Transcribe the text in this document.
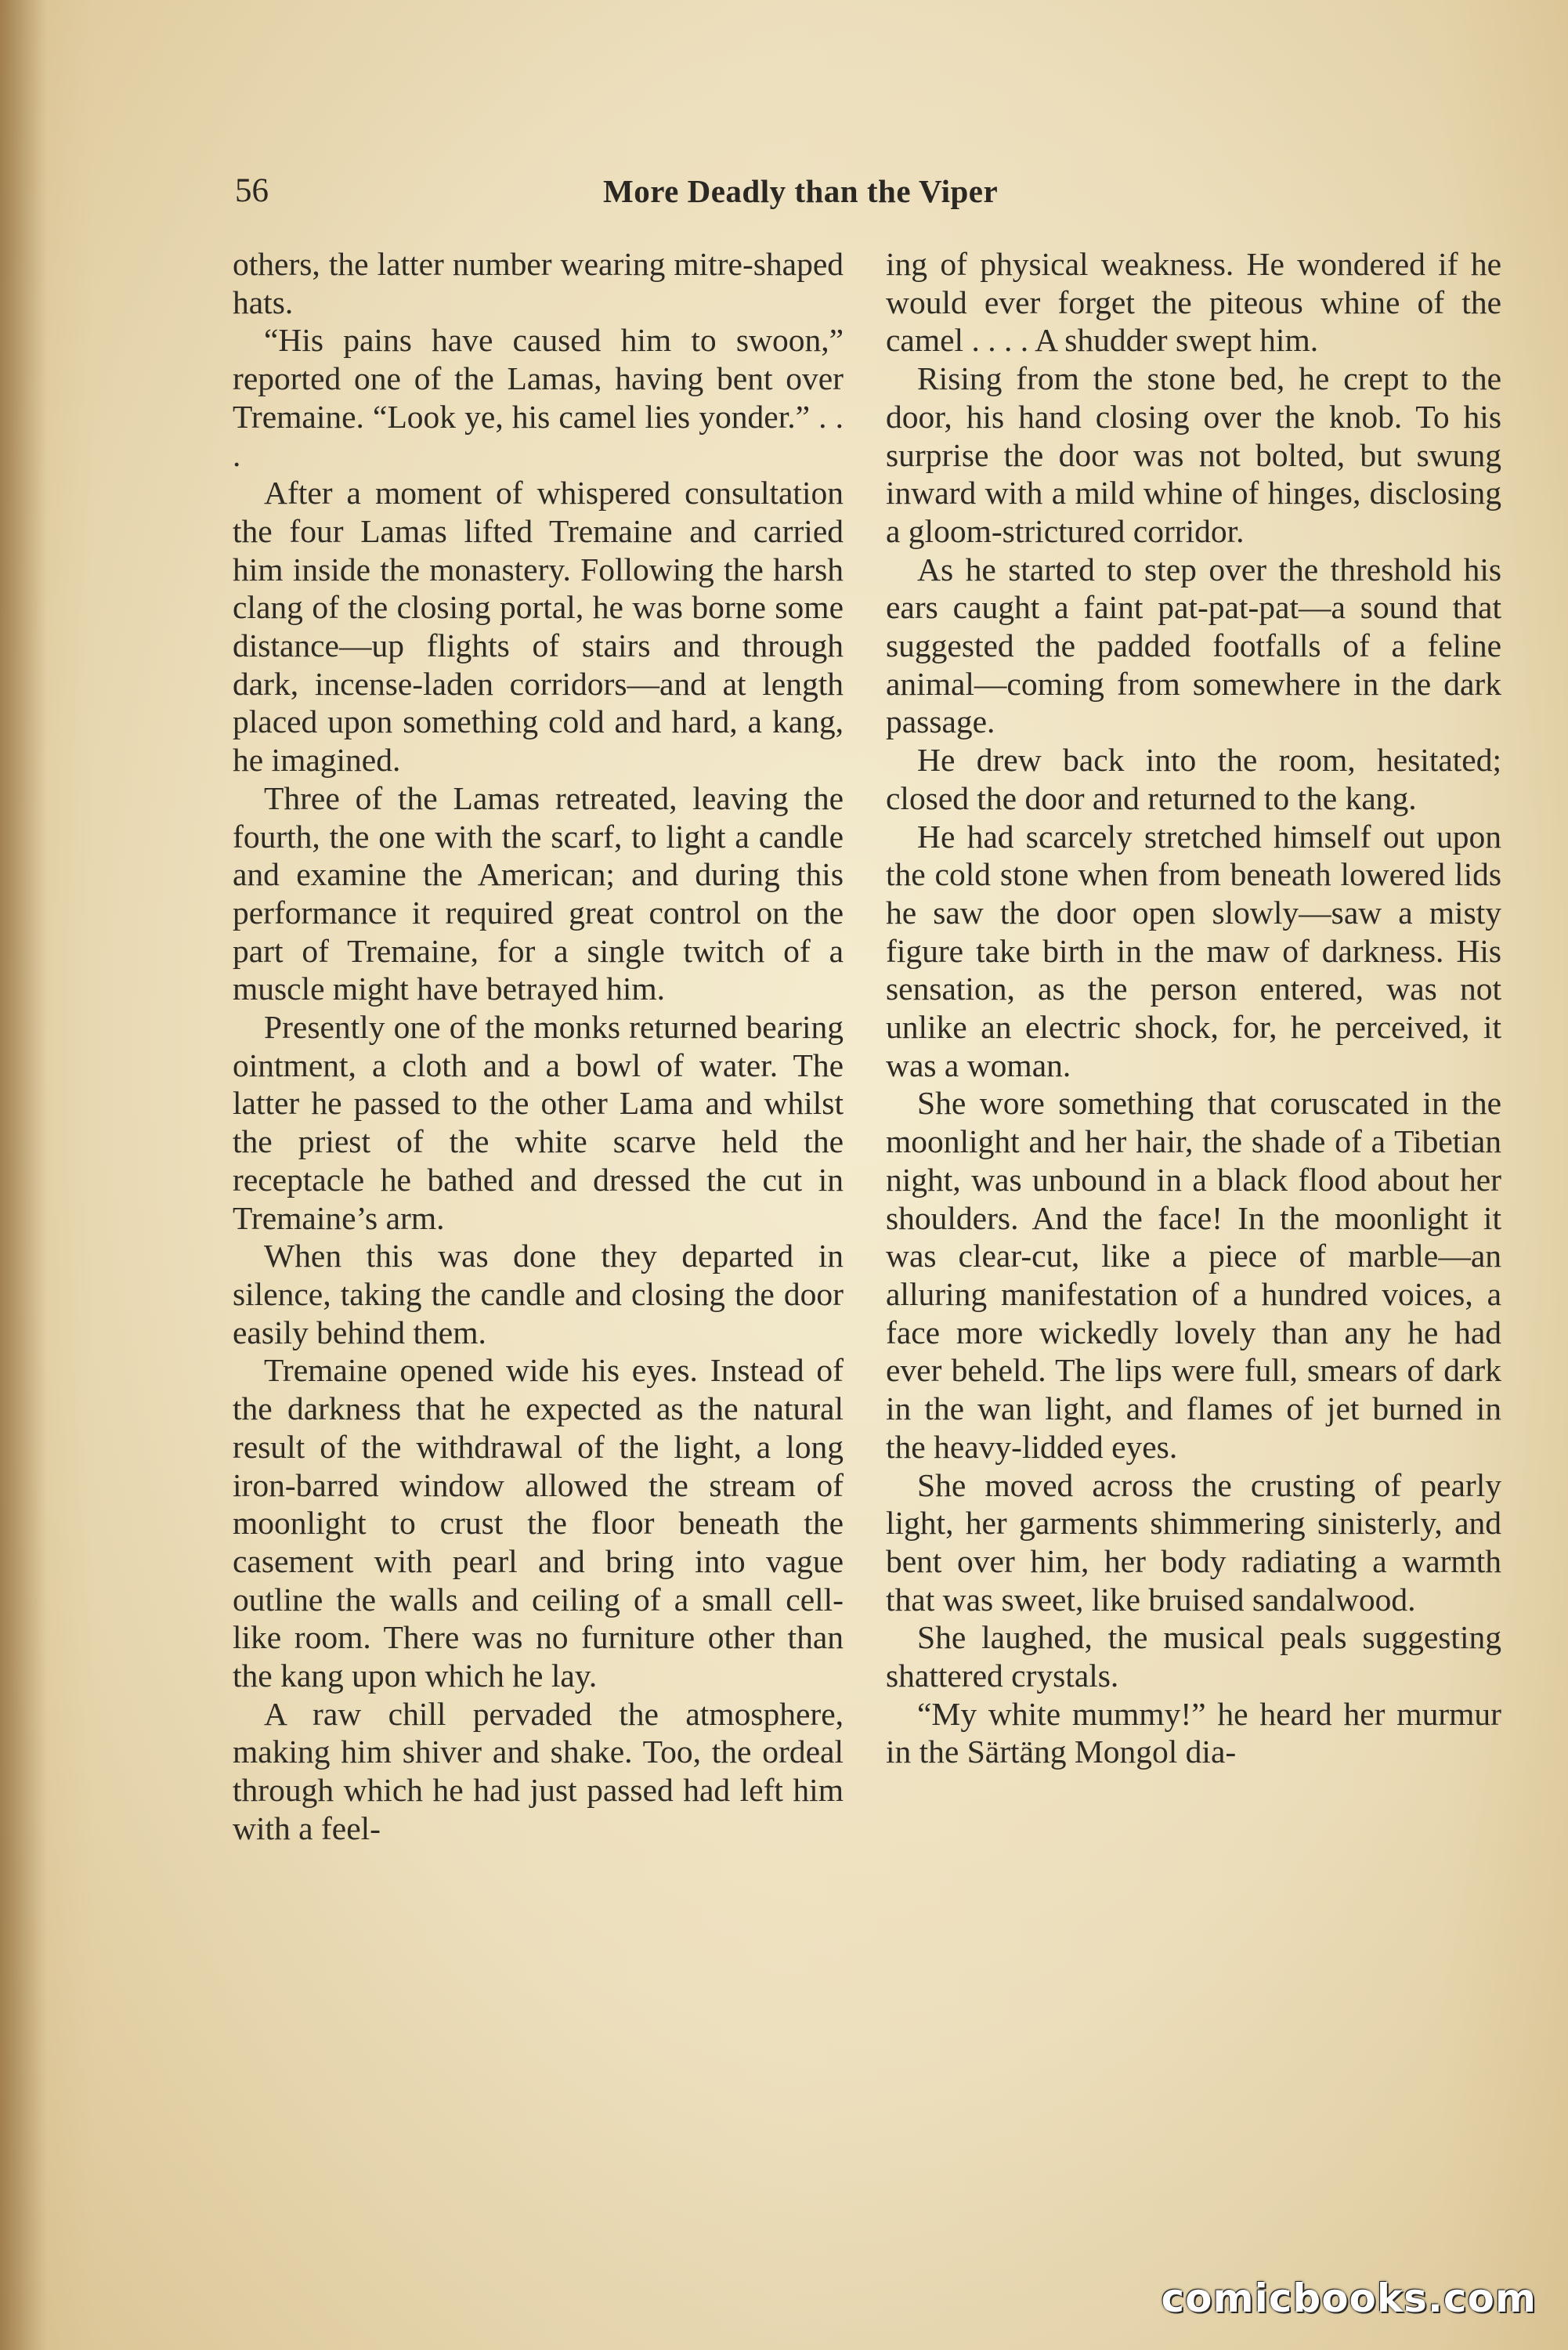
56	More Deadly than the Viper

others, the latter number wearing mitre-shaped hats.

“His pains have caused him to swoon,” reported one of the Lamas, having bent over Tremaine. “Look ye, his camel lies yonder.” . . .

After a moment of whispered consultation the four Lamas lifted Tremaine and carried him inside the monastery. Following the harsh clang of the closing portal, he was borne some distance—up flights of stairs and through dark, incense-laden corridors—and at length placed upon something cold and hard, a kang, he imagined.

Three of the Lamas retreated, leaving the fourth, the one with the scarf, to light a candle and examine the American; and during this performance it required great control on the part of Tremaine, for a single twitch of a muscle might have betrayed him.

Presently one of the monks returned bearing ointment, a cloth and a bowl of water. The latter he passed to the other Lama and whilst the priest of the white scarve held the receptacle he bathed and dressed the cut in Tremaine’s arm.

When this was done they departed in silence, taking the candle and closing the door easily behind them.

Tremaine opened wide his eyes. Instead of the darkness that he expected as the natural result of the withdrawal of the light, a long iron-barred window allowed the stream of moonlight to crust the floor beneath the casement with pearl and bring into vague outline the walls and ceiling of a small cell-like room. There was no furniture other than the kang upon which he lay.

A raw chill pervaded the atmosphere, making him shiver and shake. Too, the ordeal through which he had just passed had left him with a feel-

ing of physical weakness. He wondered if he would ever forget the piteous whine of the camel . . . . A shudder swept him.

Rising from the stone bed, he crept to the door, his hand closing over the knob. To his surprise the door was not bolted, but swung inward with a mild whine of hinges, disclosing a gloom-strictured corridor.

As he started to step over the threshold his ears caught a faint pat-pat-pat—a sound that suggested the padded footfalls of a feline animal—coming from somewhere in the dark passage.

He drew back into the room, hesitated; closed the door and returned to the kang.

He had scarcely stretched himself out upon the cold stone when from beneath lowered lids he saw the door open slowly—saw a misty figure take birth in the maw of darkness. His sensation, as the person entered, was not unlike an electric shock, for, he perceived, it was a woman.

She wore something that coruscated in the moonlight and her hair, the shade of a Tibetian night, was unbound in a black flood about her shoulders. And the face! In the moonlight it was clear-cut, like a piece of marble—an alluring manifestation of a hundred voices, a face more wickedly lovely than any he had ever beheld. The lips were full, smears of dark in the wan light, and flames of jet burned in the heavy-lidded eyes.

She moved across the crusting of pearly light, her garments shimmering sinisterly, and bent over him, her body radiating a warmth that was sweet, like bruised sandalwood.

She laughed, the musical peals suggesting shattered crystals.

“My white mummy!” he heard her murmur in the Särtäng Mongol dia-

comicbooks.com
